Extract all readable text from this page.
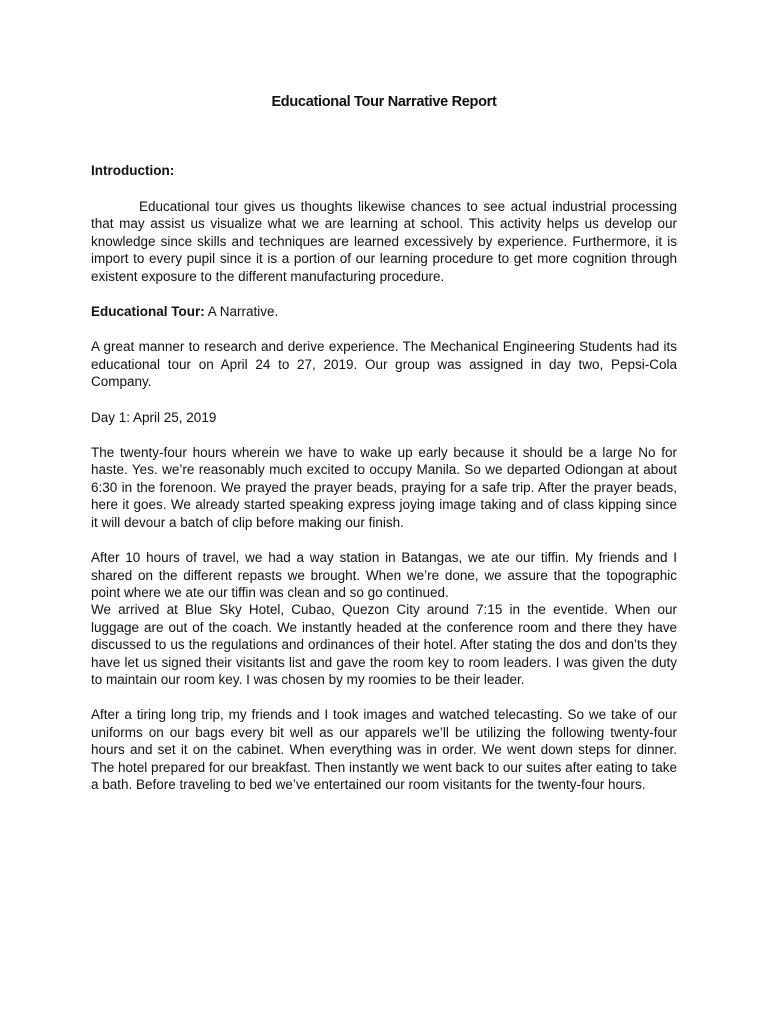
Educational Tour Narrative Report
Introduction:

Educational tour gives us thoughts likewise chances to see actual industrial processing that may assist us visualize what we are learning at school. This activity helps us develop our knowledge since skills and techniques are learned excessively by experience. Furthermore, it is import to every pupil since it is a portion of our learning procedure to get more cognition through existent exposure to the different manufacturing procedure.

Educational Tour: A Narrative.

A great manner to research and derive experience. The Mechanical Engineering Students had its educational tour on April 24 to 27, 2019. Our group was assigned in day two, Pepsi-Cola Company.

Day 1: April 25, 2019

The twenty-four hours wherein we have to wake up early because it should be a large No for haste. Yes. we’re reasonably much excited to occupy Manila. So we departed Odiongan at about 6:30 in the forenoon. We prayed the prayer beads, praying for a safe trip. After the prayer beads, here it goes. We already started speaking express joying image taking and of class kipping since it will devour a batch of clip before making our finish.

After 10 hours of travel, we had a way station in Batangas, we ate our tiffin. My friends and I shared on the different repasts we brought. When we’re done, we assure that the topographic point where we ate our tiffin was clean and so go continued.

We arrived at Blue Sky Hotel, Cubao, Quezon City around 7:15 in the eventide. When our luggage are out of the coach. We instantly headed at the conference room and there they have discussed to us the regulations and ordinances of their hotel. After stating the dos and don’ts they have let us signed their visitants list and gave the room key to room leaders. I was given the duty to maintain our room key. I was chosen by my roomies to be their leader.

After a tiring long trip, my friends and I took images and watched telecasting. So we take of our uniforms on our bags every bit well as our apparels we’ll be utilizing the following twenty-four hours and set it on the cabinet. When everything was in order. We went down steps for dinner. The hotel prepared for our breakfast. Then instantly we went back to our suites after eating to take a bath. Before traveling to bed we’ve entertained our room visitants for the twenty-four hours.
